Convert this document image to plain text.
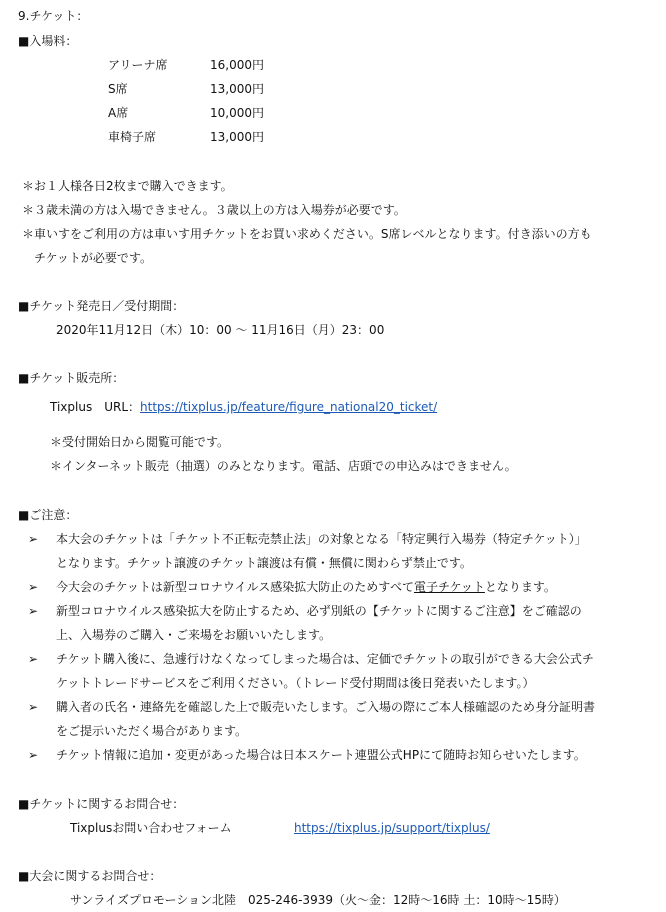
9.チケット：
■入場料：
アリーナ席	16,000円
S席	13,000円
A席	10,000円
車椅子席	13,000円
＊お１人様各日2枚まで購入できます。
＊３歳未満の方は入場できません。３歳以上の方は入場券が必要です。
＊車いすをご利用の方は車いす用チケットをお買い求めください。S席レベルとなります。付き添いの方も
チケットが必要です。
■チケット発売日／受付期間：
2020年11月12日（木）10：00 ～ 11月16日（月）23：00
■チケット販売所：
Tixplus　URL：https://tixplus.jp/feature/figure_national20_ticket/
＊受付開始日から閲覧可能です。
＊インターネット販売（抽選）のみとなります。電話、店頭での申込みはできません。
■ご注意：
➢ 本大会のチケットは「チケット不正転売禁止法」の対象となる「特定興行入場券（特定チケット）」
となります。チケット譲渡のチケット譲渡は有償・無償に関わらず禁止です。
➢ 今大会のチケットは新型コロナウイルス感染拡大防止のためすべて電子チケットとなります。
➢ 新型コロナウイルス感染拡大を防止するため、必ず別紙の【チケットに関するご注意】をご確認の
上、入場券のご購入・ご来場をお願いいたします。
➢ チケット購入後に、急遽行けなくなってしまった場合は、定価でチケットの取引ができる大会公式チ
ケットトレードサービスをご利用ください。（トレード受付期間は後日発表いたします。）
➢ 購入者の氏名・連絡先を確認した上で販売いたします。ご入場の際にご本人様確認のため身分証明書
をご提示いただく場合があります。
➢ チケット情報に追加・変更があった場合は日本スケート連盟公式HPにて随時お知らせいたします。
■チケットに関するお問合せ：
Tixplusお問い合わせフォーム	https://tixplus.jp/support/tixplus/
■大会に関するお問合せ：
サンライズプロモーション北陸　025-246-3939（火～金：12時～16時 土：10時～15時）
